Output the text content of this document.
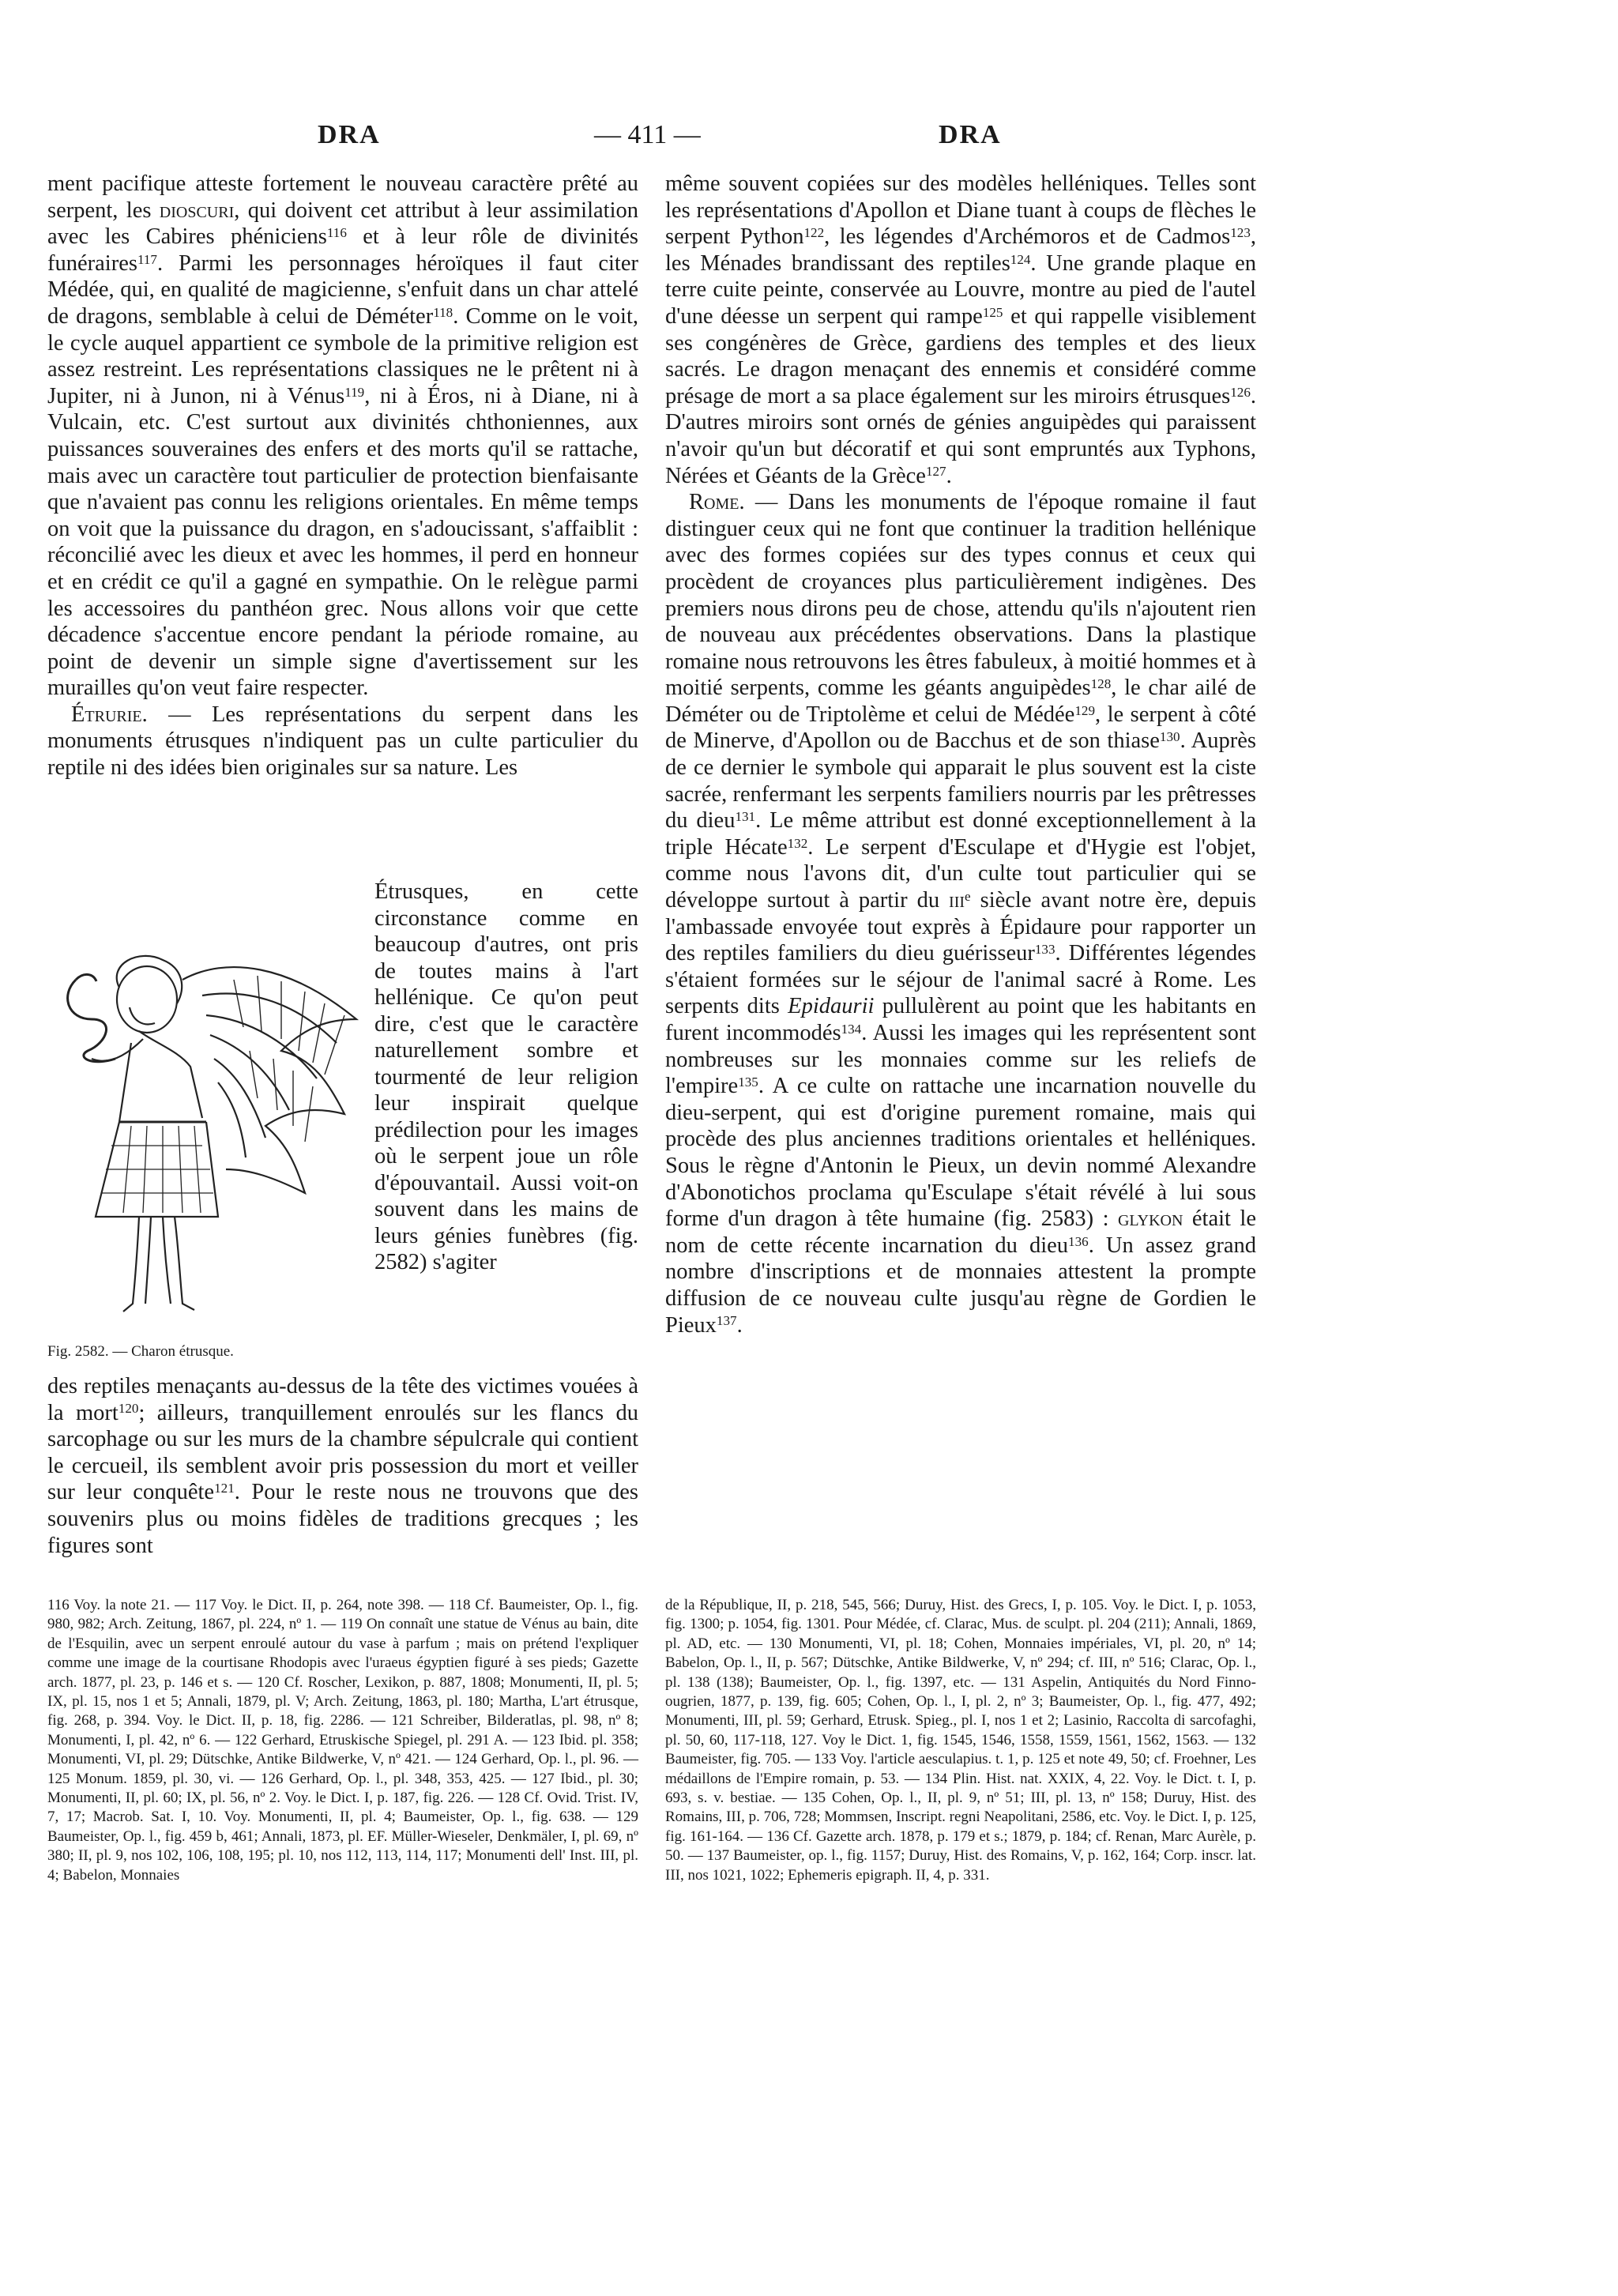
DRA	— 411 —	DRA

ment pacifique atteste fortement le nouveau caractère prêté au serpent, les dioscuri, qui doivent cet attribut à leur assimilation avec les Cabires phéniciens$^{116}$ et à leur rôle de divinités funéraires$^{117}$. Parmi les personnages héroïques il faut citer Médée, qui, en qualité de magicienne, s'enfuit dans un char attelé de dragons, semblable à celui de Déméter$^{118}$. Comme on le voit, le cycle auquel appartient ce symbole de la primitive religion est assez restreint. Les représentations classiques ne le prêtent ni à Jupiter, ni à Junon, ni à Vénus$^{119}$, ni à Éros, ni à Diane, ni à Vulcain, etc. C'est surtout aux divinités chthoniennes, aux puissances souveraines des enfers et des morts qu'il se rattache, mais avec un caractère tout particulier de protection bienfaisante que n'avaient pas connu les religions orientales. En même temps on voit que la puissance du dragon, en s'adoucissant, s'affaiblit : réconcilié avec les dieux et avec les hommes, il perd en honneur et en crédit ce qu'il a gagné en sympathie. On le relègue parmi les accessoires du panthéon grec. Nous allons voir que cette décadence s'accentue encore pendant la période romaine, au point de devenir un simple signe d'avertissement sur les murailles qu'on veut faire respecter.

Étrurie. — Les représentations du serpent dans les monuments étrusques n'indiquent pas un culte particulier du reptile ni des idées bien originales sur sa nature. Les

Fig. 2582. — Charon étrusque.
Étrusques, en cette circonstance comme en beaucoup d'autres, ont pris de toutes mains à l'art hellénique. Ce qu'on peut dire, c'est que le caractère naturellement sombre et tourmenté de leur religion leur inspirait quelque prédilection pour les images où le serpent joue un rôle d'épouvantail. Aussi voit-on souvent dans les mains de leurs génies funèbres (fig. 2582) s'agiter

des reptiles menaçants au-dessus de la tête des victimes vouées à la mort$^{120}$; ailleurs, tranquillement enroulés sur les flancs du sarcophage ou sur les murs de la chambre sépulcrale qui contient le cercueil, ils semblent avoir pris possession du mort et veiller sur leur conquête$^{121}$. Pour le reste nous ne trouvons que des souvenirs plus ou moins fidèles de traditions grecques ; les figures sont

même souvent copiées sur des modèles helléniques. Telles sont les représentations d'Apollon et Diane tuant à coups de flèches le serpent Python$^{122}$, les légendes d'Archémoros et de Cadmos$^{123}$, les Ménades brandissant des reptiles$^{124}$. Une grande plaque en terre cuite peinte, conservée au Louvre, montre au pied de l'autel d'une déesse un serpent qui rampe$^{125}$ et qui rappelle visiblement ses congénères de Grèce, gardiens des temples et des lieux sacrés. Le dragon menaçant des ennemis et considéré comme présage de mort a sa place également sur les miroirs étrusques$^{126}$. D'autres miroirs sont ornés de génies anguipèdes qui paraissent n'avoir qu'un but décoratif et qui sont empruntés aux Typhons, Nérées et Géants de la Grèce$^{127}$.

Rome. — Dans les monuments de l'époque romaine il faut distinguer ceux qui ne font que continuer la tradition hellénique avec des formes copiées sur des types connus et ceux qui procèdent de croyances plus particulièrement indigènes. Des premiers nous dirons peu de chose, attendu qu'ils n'ajoutent rien de nouveau aux précédentes observations. Dans la plastique romaine nous retrouvons les êtres fabuleux, à moitié hommes et à moitié serpents, comme les géants anguipèdes$^{128}$, le char ailé de Déméter ou de Triptolème et celui de Médée$^{129}$, le serpent à côté de Minerve, d'Apollon ou de Bacchus et de son thiase$^{130}$. Auprès de ce dernier le symbole qui apparait le plus souvent est la ciste sacrée, renfermant les serpents familiers nourris par les prêtresses du dieu$^{131}$. Le même attribut est donné exceptionnellement à la triple Hécate$^{132}$. Le serpent d'Esculape et d'Hygie est l'objet, comme nous l'avons dit, d'un culte tout particulier qui se développe surtout à partir du iii$^e$ siècle avant notre ère, depuis l'ambassade envoyée tout exprès à Épidaure pour rapporter un des reptiles familiers du dieu guérisseur$^{133}$. Différentes légendes s'étaient formées sur le séjour de l'animal sacré à Rome. Les serpents dits Epidaurii pullulèrent au point que les habitants en furent incommodés$^{134}$. Aussi les images qui les représentent sont nombreuses sur les monnaies comme sur les reliefs de l'empire$^{135}$. A ce culte on rattache une incarnation nouvelle du dieu-serpent, qui est d'origine purement romaine, mais qui procède des plus anciennes traditions orientales et helléniques. Sous le règne d'Antonin le Pieux, un devin nommé Alexandre d'Abonotichos proclama qu'Esculape s'était révélé à lui sous forme d'un dragon à tête humaine (fig. 2583) : glykon était le nom de cette récente incarnation du dieu$^{136}$. Un assez grand nombre d'inscriptions et de monnaies attestent la prompte diffusion de ce nouveau culte jusqu'au règne de Gordien le Pieux$^{137}$.

116 Voy. la note 21. — 117 Voy. le Dict. II, p. 264, note 398. — 118 Cf. Baumeister, Op. l., fig. 980, 982; Arch. Zeitung, 1867, pl. 224, nº 1. — 119 On connaît une statue de Vénus au bain, dite de l'Esquilin, avec un serpent enroulé autour du vase à parfum ; mais on prétend l'expliquer comme une image de la courtisane Rhodopis avec l'uraeus égyptien figuré à ses pieds; Gazette arch. 1877, pl. 23, p. 146 et s. — 120 Cf. Roscher, Lexikon, p. 887, 1808; Monumenti, II, pl. 5; IX, pl. 15, nos 1 et 5; Annali, 1879, pl. V; Arch. Zeitung, 1863, pl. 180; Martha, L'art étrusque, fig. 268, p. 394. Voy. le Dict. II, p. 18, fig. 2286. — 121 Schreiber, Bilderatlas, pl. 98, nº 8; Monumenti, I, pl. 42, nº 6. — 122 Gerhard, Etruskische Spiegel, pl. 291 A. — 123 Ibid. pl. 358; Monumenti, VI, pl. 29; Dütschke, Antike Bildwerke, V, nº 421. — 124 Gerhard, Op. l., pl. 96. — 125 Monum. 1859, pl. 30, vi. — 126 Gerhard, Op. l., pl. 348, 353, 425. — 127 Ibid., pl. 30; Monumenti, II, pl. 60; IX, pl. 56, nº 2. Voy. le Dict. I, p. 187, fig. 226. — 128 Cf. Ovid. Trist. IV, 7, 17; Macrob. Sat. I, 10. Voy. Monumenti, II, pl. 4; Baumeister, Op. l., fig. 638. — 129 Baumeister, Op. l., fig. 459 b, 461; Annali, 1873, pl. EF. Müller-Wieseler, Denkmäler, I, pl. 69, nº 380; II, pl. 9, nos 102, 106, 108, 195; pl. 10, nos 112, 113, 114, 117; Monumenti dell' Inst. III, pl. 4; Babelon, Monnaies
de la République, II, p. 218, 545, 566; Duruy, Hist. des Grecs, I, p. 105. Voy. le Dict. I, p. 1053, fig. 1300; p. 1054, fig. 1301. Pour Médée, cf. Clarac, Mus. de sculpt. pl. 204 (211); Annali, 1869, pl. AD, etc. — 130 Monumenti, VI, pl. 18; Cohen, Monnaies impériales, VI, pl. 20, nº 14; Babelon, Op. l., II, p. 567; Dütschke, Antike Bildwerke, V, nº 294; cf. III, nº 516; Clarac, Op. l., pl. 138 (138); Baumeister, Op. l., fig. 1397, etc. — 131 Aspelin, Antiquités du Nord Finno-ougrien, 1877, p. 139, fig. 605; Cohen, Op. l., I, pl. 2, nº 3; Baumeister, Op. l., fig. 477, 492; Monumenti, III, pl. 59; Gerhard, Etrusk. Spieg., pl. I, nos 1 et 2; Lasinio, Raccolta di sarcofaghi, pl. 50, 60, 117-118, 127. Voy le Dict. 1, fig. 1545, 1546, 1558, 1559, 1561, 1562, 1563. — 132 Baumeister, fig. 705. — 133 Voy. l'article aesculapius. t. 1, p. 125 et note 49, 50; cf. Froehner, Les médaillons de l'Empire romain, p. 53. — 134 Plin. Hist. nat. XXIX, 4, 22. Voy. le Dict. t. I, p. 693, s. v. bestiae. — 135 Cohen, Op. l., II, pl. 9, nº 51; III, pl. 13, nº 158; Duruy, Hist. des Romains, III, p. 706, 728; Mommsen, Inscript. regni Neapolitani, 2586, etc. Voy. le Dict. I, p. 125, fig. 161-164. — 136 Cf. Gazette arch. 1878, p. 179 et s.; 1879, p. 184; cf. Renan, Marc Aurèle, p. 50. — 137 Baumeister, op. l., fig. 1157; Duruy, Hist. des Romains, V, p. 162, 164; Corp. inscr. lat. III, nos 1021, 1022; Ephemeris epigraph. II, 4, p. 331.
